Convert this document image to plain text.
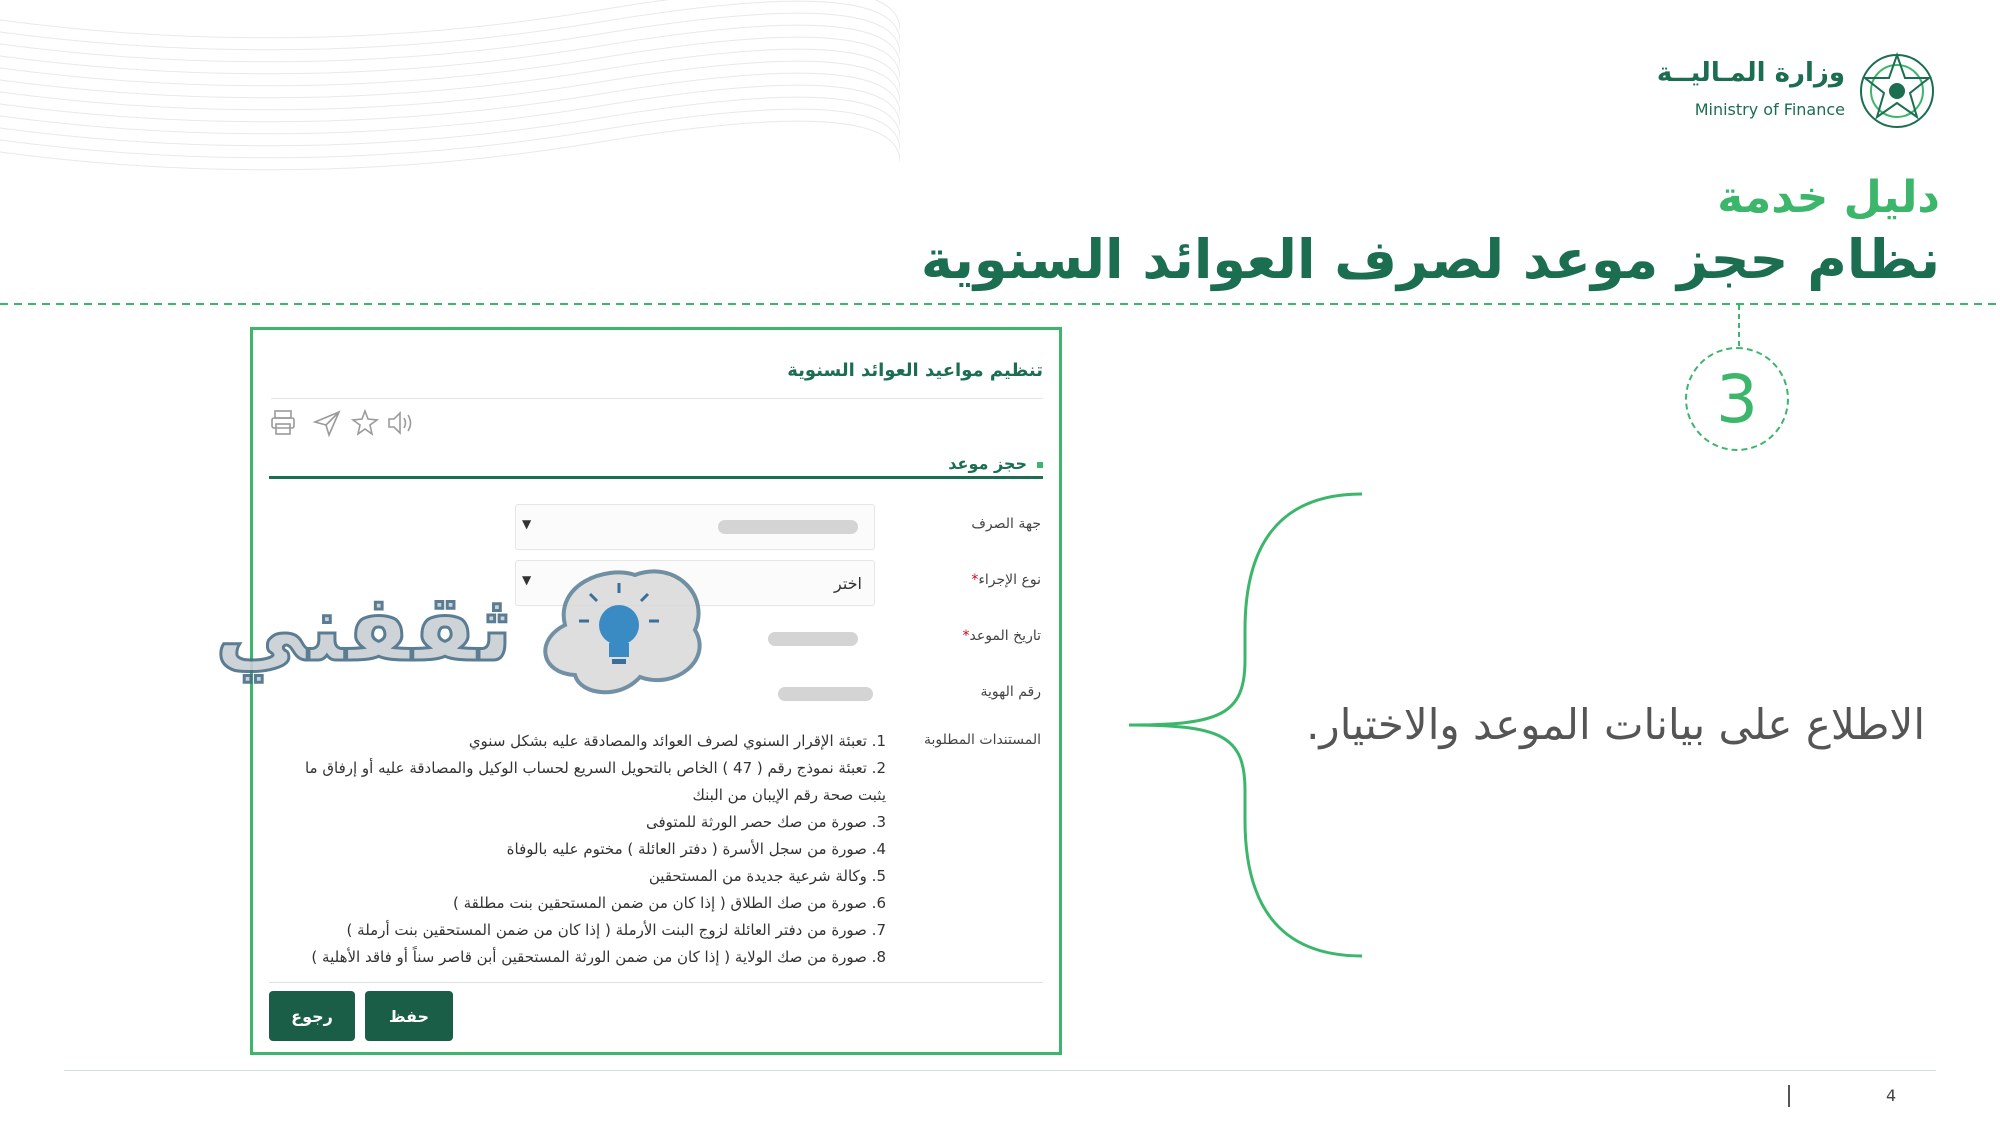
وزارة المـاليــة
Ministry of Finance
دليل خدمة
نظام حجز موعد لصرف العوائد السنوية
3
الاطلاع على بيانات الموعد والاختيار.
تنظيم مواعيد العوائد السنوية
حجز موعد
جهة الصرف
▼
نوع الإجراء*
▼	اختر
تاريخ الموعد*
رقم الهوية
المستندات المطلوبة
1. تعبئة الإقرار السنوي لصرف العوائد والمصادقة عليه بشكل سنوي
2. تعبئة نموذج رقم ( 47 ) الخاص بالتحويل السريع لحساب الوكيل والمصادقة عليه أو إرفاق ما
يثبت صحة رقم الإيبان من البنك
3. صورة من صك حصر الورثة للمتوفى
4. صورة من سجل الأسرة ( دفتر العائلة ) مختوم عليه بالوفاة
5. وكالة شرعية جديدة من المستحقين
6. صورة من صك الطلاق ( إذا كان من ضمن المستحقين بنت مطلقة )
7. صورة من دفتر العائلة لزوج البنت الأرملة ( إذا كان من ضمن المستحقين بنت أرملة )
8. صورة من صك الولاية ( إذا كان من ضمن الورثة المستحقين أبن قاصر سناً أو فاقد الأهلية )
حفظ
رجوع
ثقفني
4
